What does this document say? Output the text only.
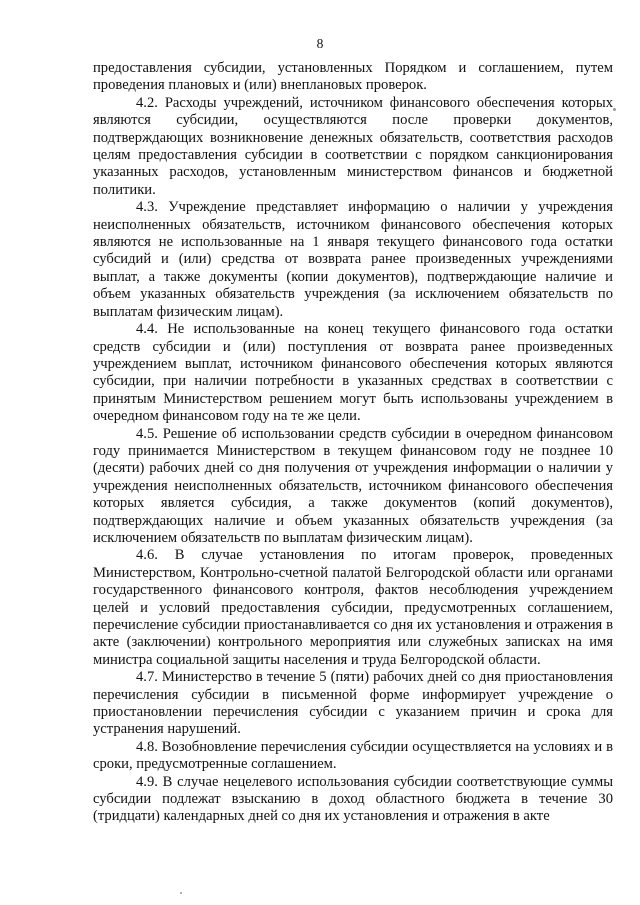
8

предоставления субсидии, установленных Порядком и соглашением, путем проведения плановых и (или) внеплановых проверок.

4.2. Расходы учреждений, источником финансового обеспечения которых являются субсидии, осуществляются после проверки документов, подтверждающих возникновение денежных обязательств, соответствия расходов целям предоставления субсидии в соответствии с порядком санкционирования указанных расходов, установленным министерством финансов и бюджетной политики.

4.3. Учреждение представляет информацию о наличии у учреждения неисполненных обязательств, источником финансового обеспечения которых являются не использованные на 1 января текущего финансового года остатки субсидий и (или) средства от возврата ранее произведенных учреждениями выплат, а также документы (копии документов), подтверждающие наличие и объем указанных обязательств учреждения (за исключением обязательств по выплатам физическим лицам).

4.4. Не использованные на конец текущего финансового года остатки средств субсидии и (или) поступления от возврата ранее произведенных учреждением выплат, источником финансового обеспечения которых являются субсидии, при наличии потребности в указанных средствах в соответствии с принятым Министерством решением могут быть использованы учреждением в очередном финансовом году на те же цели.

4.5. Решение об использовании средств субсидии в очередном финансовом году принимается Министерством в текущем финансовом году не позднее 10 (десяти) рабочих дней со дня получения от учреждения информации о наличии у учреждения неисполненных обязательств, источником финансового обеспечения которых является субсидия, а также документов (копий документов), подтверждающих наличие и объем указанных обязательств учреждения (за исключением обязательств по выплатам физическим лицам).

4.6. В случае установления по итогам проверок, проведенных Министерством, Контрольно-счетной палатой Белгородской области или органами государственного финансового контроля, фактов несоблюдения учреждением целей и условий предоставления субсидии, предусмотренных соглашением, перечисление субсидии приостанавливается со дня их установления и отражения в акте (заключении) контрольного мероприятия или служебных записках на имя министра социальной защиты населения и труда Белгородской области.

4.7. Министерство в течение 5 (пяти) рабочих дней со дня приостановления перечисления субсидии в письменной форме информирует учреждение о приостановлении перечисления субсидии с указанием причин и срока для устранения нарушений.

4.8. Возобновление перечисления субсидии осуществляется на условиях и в сроки, предусмотренные соглашением.

4.9. В случае нецелевого использования субсидии соответствующие суммы субсидии подлежат взысканию в доход областного бюджета в течение 30 (тридцати) календарных дней со дня их установления и отражения в акте
